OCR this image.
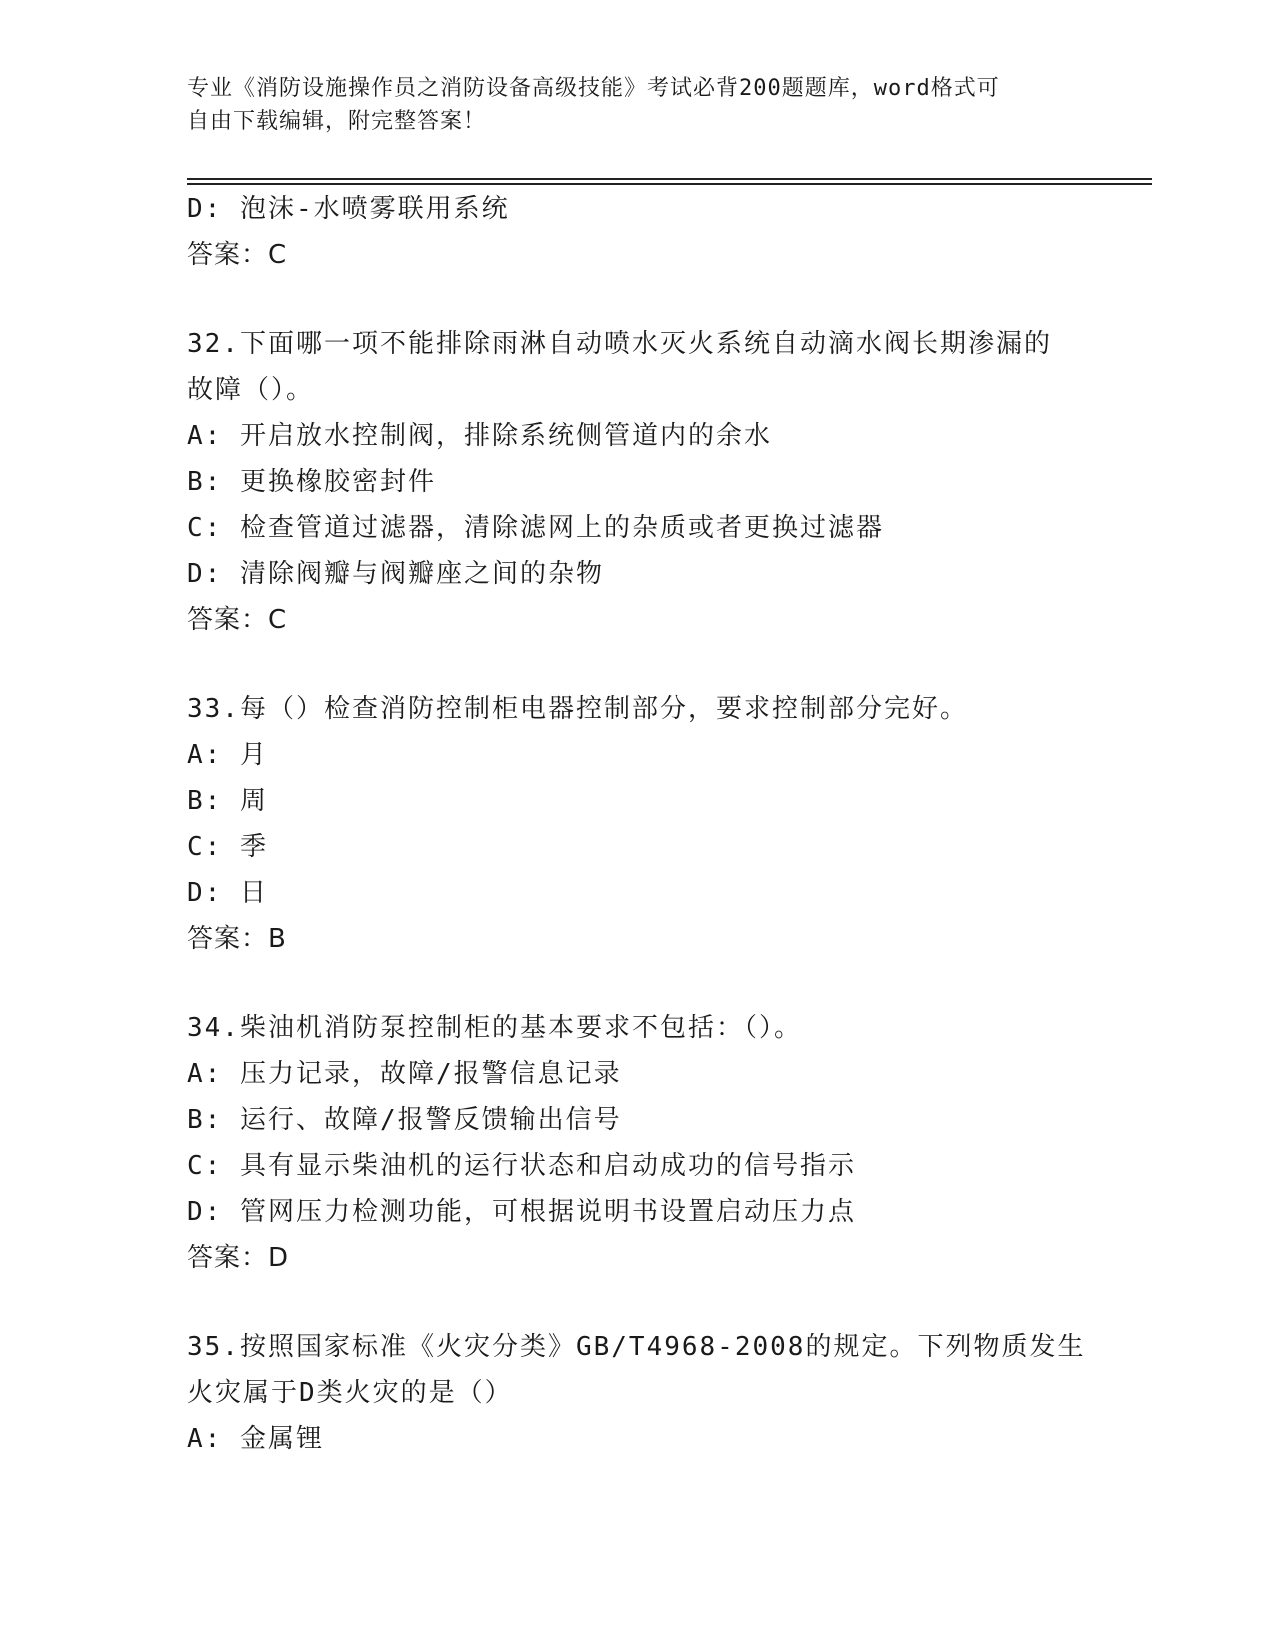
专业《消防设施操作员之消防设备高级技能》考试必背200题题库，word格式可
自由下载编辑，附完整答案！
D: 泡沫-水喷雾联用系统
答案：C
32.下面哪一项不能排除雨淋自动喷水灭火系统自动滴水阀长期渗漏的
故障（）。
A: 开启放水控制阀，排除系统侧管道内的余水
B: 更换橡胶密封件
C: 检查管道过滤器，清除滤网上的杂质或者更换过滤器
D: 清除阀瓣与阀瓣座之间的杂物
答案：C
33.每（）检查消防控制柜电器控制部分，要求控制部分完好。
A: 月
B: 周
C: 季
D: 日
答案：B
34.柴油机消防泵控制柜的基本要求不包括：（）。
A: 压力记录，故障/报警信息记录
B: 运行、故障/报警反馈输出信号
C: 具有显示柴油机的运行状态和启动成功的信号指示
D: 管网压力检测功能，可根据说明书设置启动压力点
答案：D
35.按照国家标准《火灾分类》GB/T4968-2008的规定。下列物质发生
火灾属于D类火灾的是（）
A: 金属锂
